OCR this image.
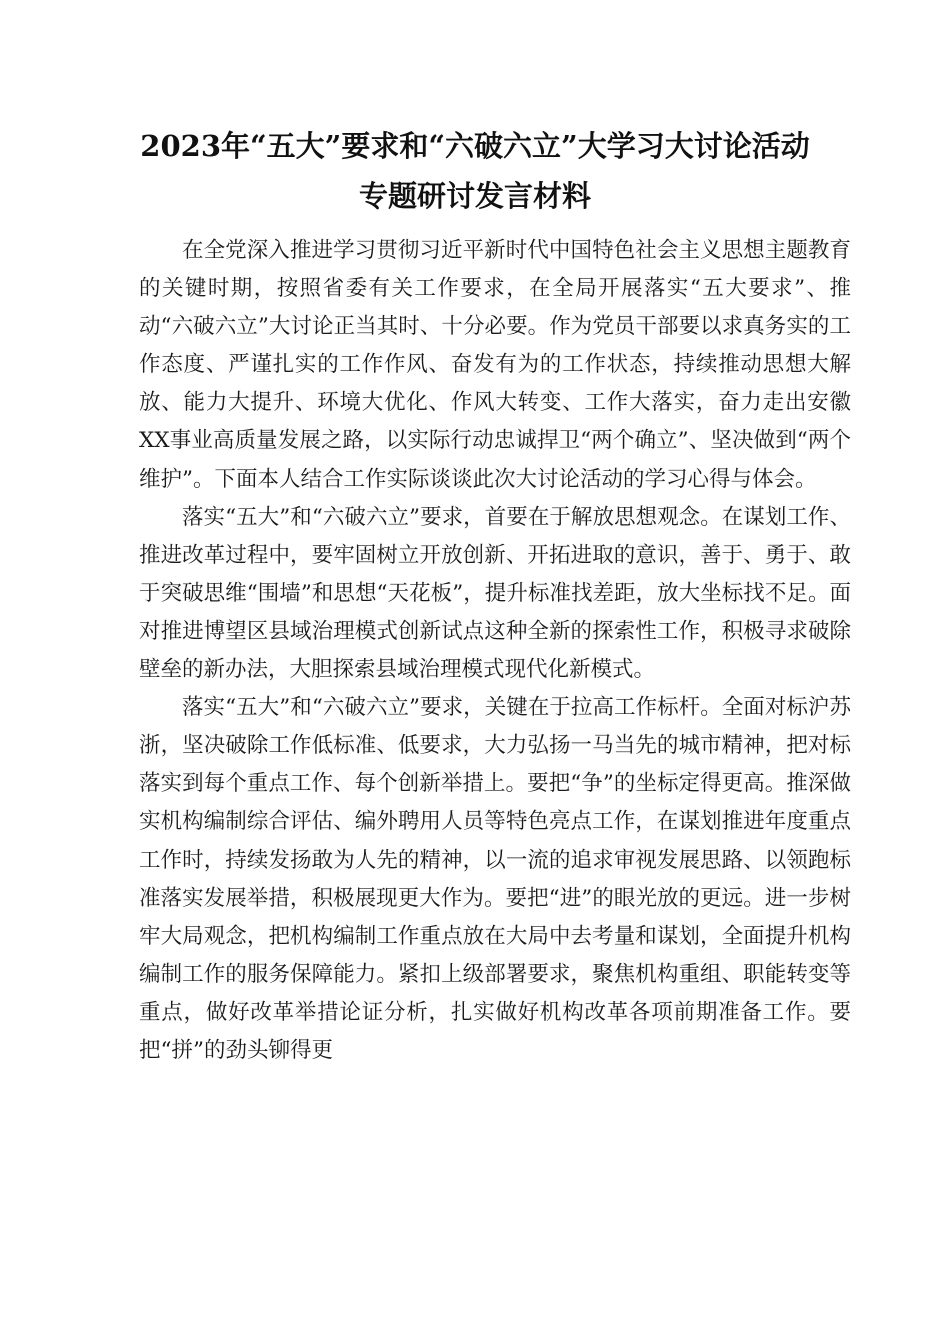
2023年“五大”要求和“六破六立”大学习大讨论活动
专题研讨发言材料

在全党深入推进学习贯彻习近平新时代中国特色社会主义思想主题教育的关键时期，按照省委有关工作要求，在全局开展落实“五大要求”、推动“六破六立”大讨论正当其时、十分必要。作为党员干部要以求真务实的工作态度、严谨扎实的工作作风、奋发有为的工作状态，持续推动思想大解放、能力大提升、环境大优化、作风大转变、工作大落实，奋力走出安徽XX事业高质量发展之路，以实际行动忠诚捍卫“两个确立”、坚决做到“两个维护”。下面本人结合工作实际谈谈此次大讨论活动的学习心得与体会。

落实“五大”和“六破六立”要求，首要在于解放思想观念。在谋划工作、推进改革过程中，要牢固树立开放创新、开拓进取的意识，善于、勇于、敢于突破思维“围墙”和思想“天花板”，提升标准找差距，放大坐标找不足。面对推进博望区县域治理模式创新试点这种全新的探索性工作，积极寻求破除壁垒的新办法，大胆探索县域治理模式现代化新模式。

落实“五大”和“六破六立”要求，关键在于拉高工作标杆。全面对标沪苏浙，坚决破除工作低标准、低要求，大力弘扬一马当先的城市精神，把对标落实到每个重点工作、每个创新举措上。要把“争”的坐标定得更高。推深做实机构编制综合评估、编外聘用人员等特色亮点工作，在谋划推进年度重点工作时，持续发扬敢为人先的精神，以一流的追求审视发展思路、以领跑标准落实发展举措，积极展现更大作为。要把“进”的眼光放的更远。进一步树牢大局观念，把机构编制工作重点放在大局中去考量和谋划，全面提升机构编制工作的服务保障能力。紧扣上级部署要求，聚焦机构重组、职能转变等重点，做好改革举措论证分析，扎实做好机构改革各项前期准备工作。要把“拼”的劲头铆得更
